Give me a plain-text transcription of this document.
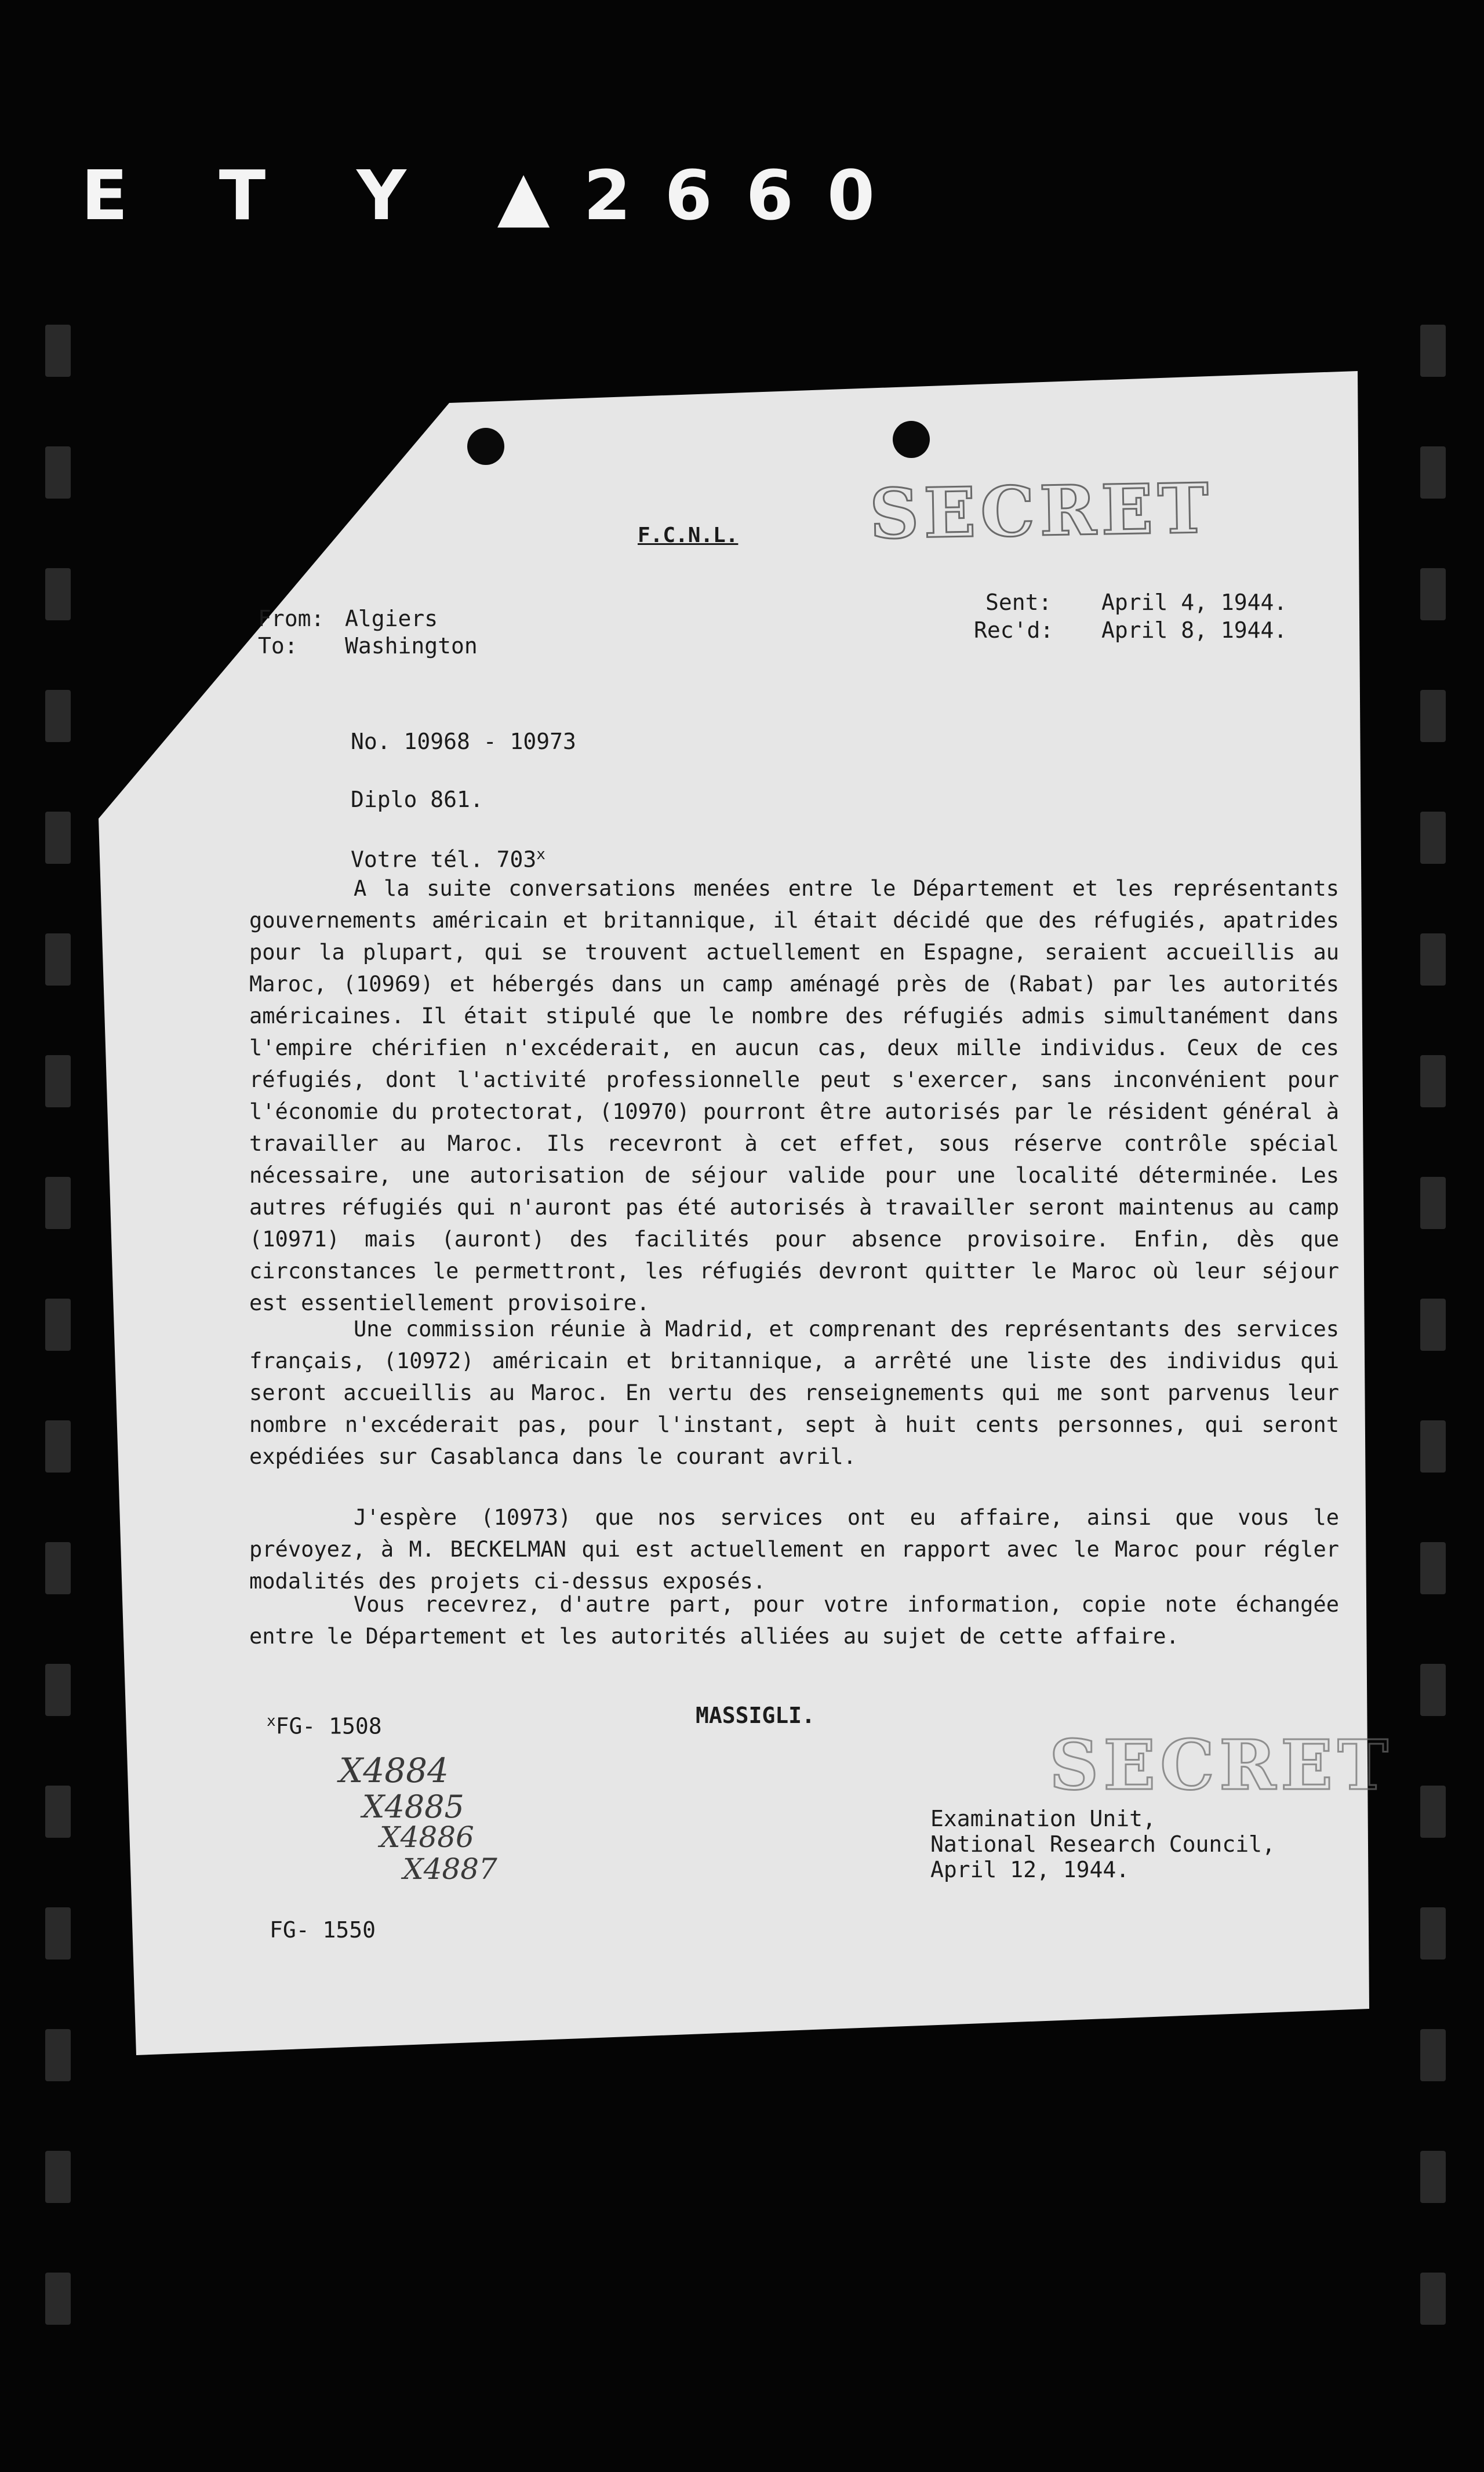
E T Y ▲2660
F.C.N.L. SECRET
From: Algiers
To: Washington
Sent: April 4, 1944.
Rec'd: April 8, 1944.
No. 10968 - 10973
Diplo 861.
Votre tél. 703$^x$
A la suite conversations menées entre le Département et les représentants gouvernements américain et britannique, il était décidé que des réfugiés, apatrides pour la plupart, qui se trouvent actuellement en Espagne, seraient accueillis au Maroc, (10969) et hébergés dans un camp aménagé près de (Rabat) par les autorités américaines. Il était stipulé que le nombre des réfugiés admis simultanément dans l'empire chérifien n'excéderait, en aucun cas, deux mille individus. Ceux de ces réfugiés, dont l'activité professionnelle peut s'exercer, sans inconvénient pour l'économie du protectorat, (10970) pourront être autorisés par le résident général à travailler au Maroc. Ils recevront à cet effet, sous réserve contrôle spécial nécessaire, une autorisation de séjour valide pour une localité déterminée. Les autres réfugiés qui n'auront pas été autorisés à travailler seront maintenus au camp (10971) mais (auront) des facilités pour absence provisoire. Enfin, dès que circonstances le permettront, les réfugiés devront quitter le Maroc où leur séjour est essentiellement provisoire.
Une commission réunie à Madrid, et comprenant des représentants des services français, (10972) américain et britannique, a arrêté une liste des individus qui seront accueillis au Maroc. En vertu des renseignements qui me sont parvenus leur nombre n'excéderait pas, pour l'instant, sept à huit cents personnes, qui seront expédiées sur Casablanca dans le courant avril.
J'espère (10973) que nos services ont eu affaire, ainsi que vous le prévoyez, à M. BECKELMAN qui est actuellement en rapport avec le Maroc pour régler modalités des projets ci-dessus exposés.
Vous recevrez, d'autre part, pour votre information, copie note échangée entre le Département et les autorités alliées au sujet de cette affaire.
$^x$FG- 1508	MASSIGLI.
SECRET
X4884
X4885
X4886
X4887
Examination Unit,
National Research Council,
April 12, 1944.
FG- 1550
